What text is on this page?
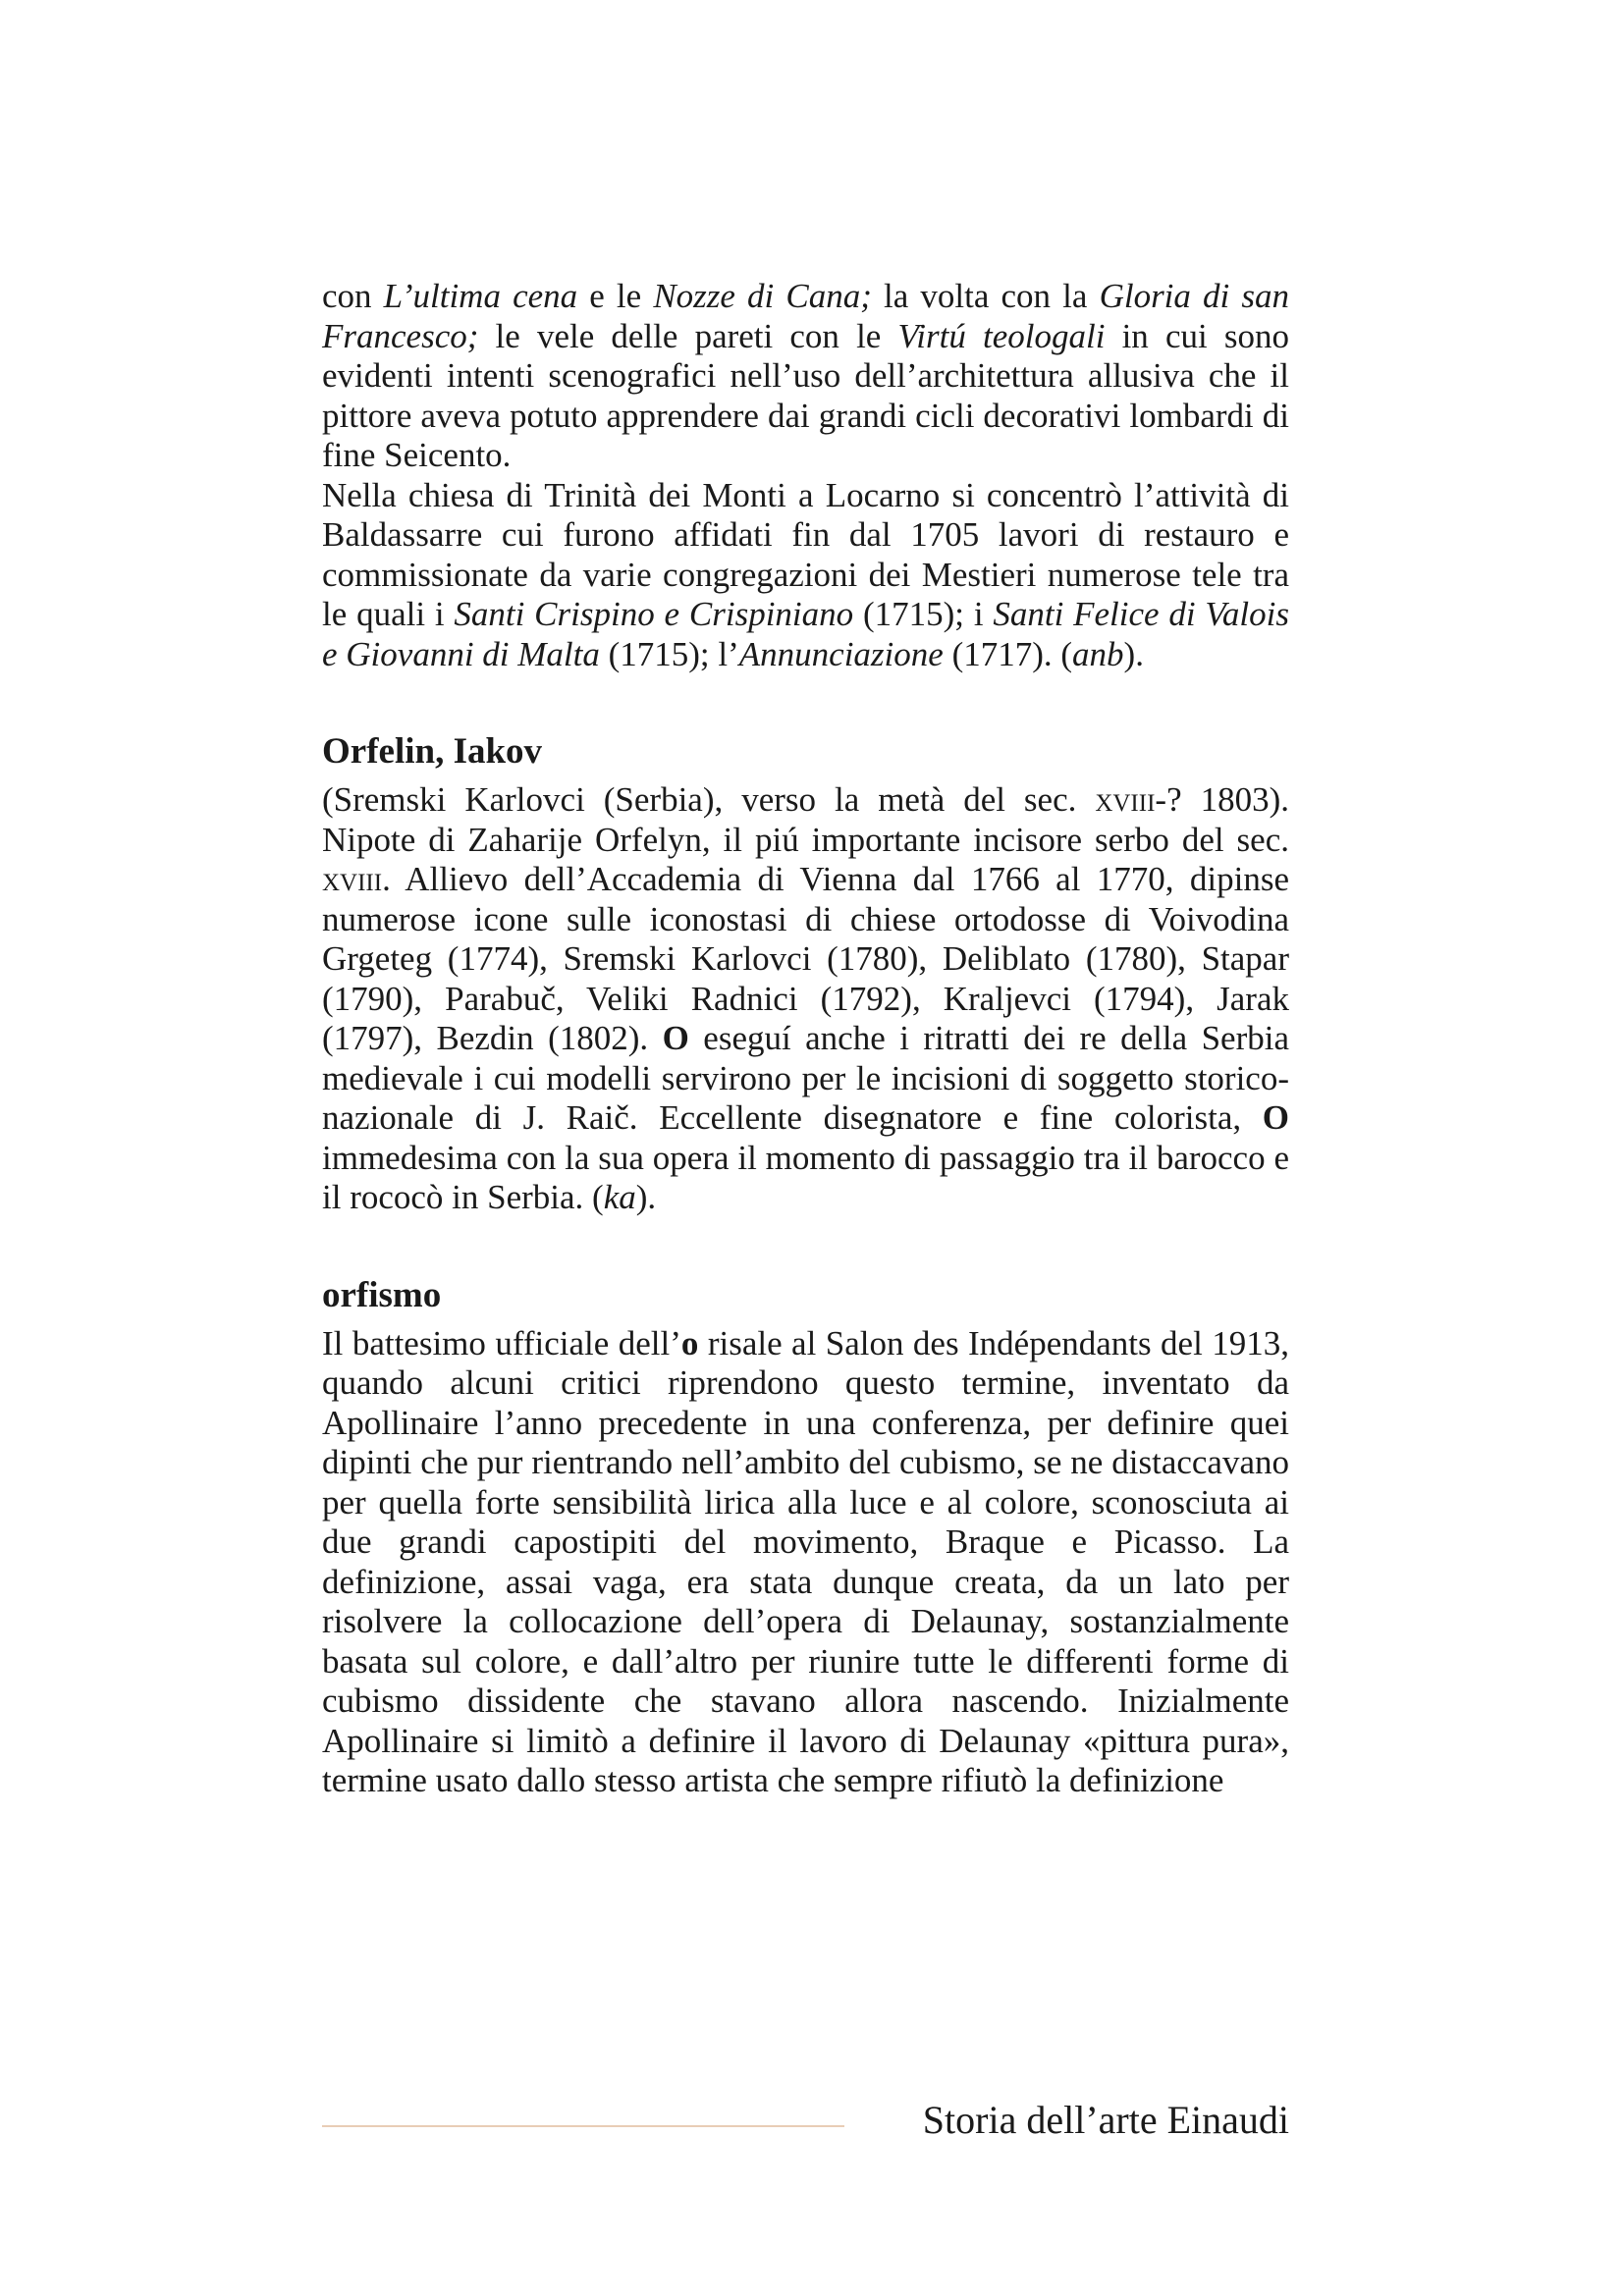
con L’ultima cena e le Nozze di Cana; la volta con la Gloria di san Francesco; le vele delle pareti con le Virtú teologali in cui sono evidenti intenti scenografici nell’uso dell’architettura allusiva che il pittore aveva potuto apprendere dai grandi cicli decorativi lombardi di fine Seicento.

Nella chiesa di Trinità dei Monti a Locarno si concentrò l’attività di Baldassarre cui furono affidati fin dal 1705 lavori di restauro e commissionate da varie congregazioni dei Mestieri numerose tele tra le quali i Santi Crispino e Crispiniano (1715); i Santi Felice di Valois e Giovanni di Malta (1715); l’Annunciazione (1717). (anb).

Orfelin, Iakov

(Sremski Karlovci (Serbia), verso la metà del sec. xviii-? 1803). Nipote di Zaharije Orfelyn, il piú importante incisore serbo del sec. xviii. Allievo dell’Accademia di Vienna dal 1766 al 1770, dipinse numerose icone sulle iconostasi di chiese ortodosse di Voivodina Grgeteg (1774), Sremski Karlovci (1780), Deliblato (1780), Stapar (1790), Parabuč, Veliki Radnici (1792), Kraljevci (1794), Jarak (1797), Bezdin (1802). O eseguí anche i ritratti dei re della Serbia medievale i cui modelli servirono per le incisioni di soggetto storico-nazionale di J. Raič. Eccellente disegnatore e fine colorista, O immedesima con la sua opera il momento di passaggio tra il barocco e il rococò in Serbia. (ka).

orfismo

Il battesimo ufficiale dell’o risale al Salon des Indépendants del 1913, quando alcuni critici riprendono questo termine, inventato da Apollinaire l’anno precedente in una conferenza, per definire quei dipinti che pur rientrando nell’ambito del cubismo, se ne distaccavano per quella forte sensibilità lirica alla luce e al colore, sconosciuta ai due grandi capostipiti del movimento, Braque e Picasso. La definizione, assai vaga, era stata dunque creata, da un lato per risolvere la collocazione dell’opera di Delaunay, sostanzialmente basata sul colore, e dall’altro per riunire tutte le differenti forme di cubismo dissidente che stavano allora nascendo. Inizialmente Apollinaire si limitò a definire il lavoro di Delaunay «pittura pura», termine usato dallo stesso artista che sempre rifiutò la definizione

Storia dell’arte Einaudi
